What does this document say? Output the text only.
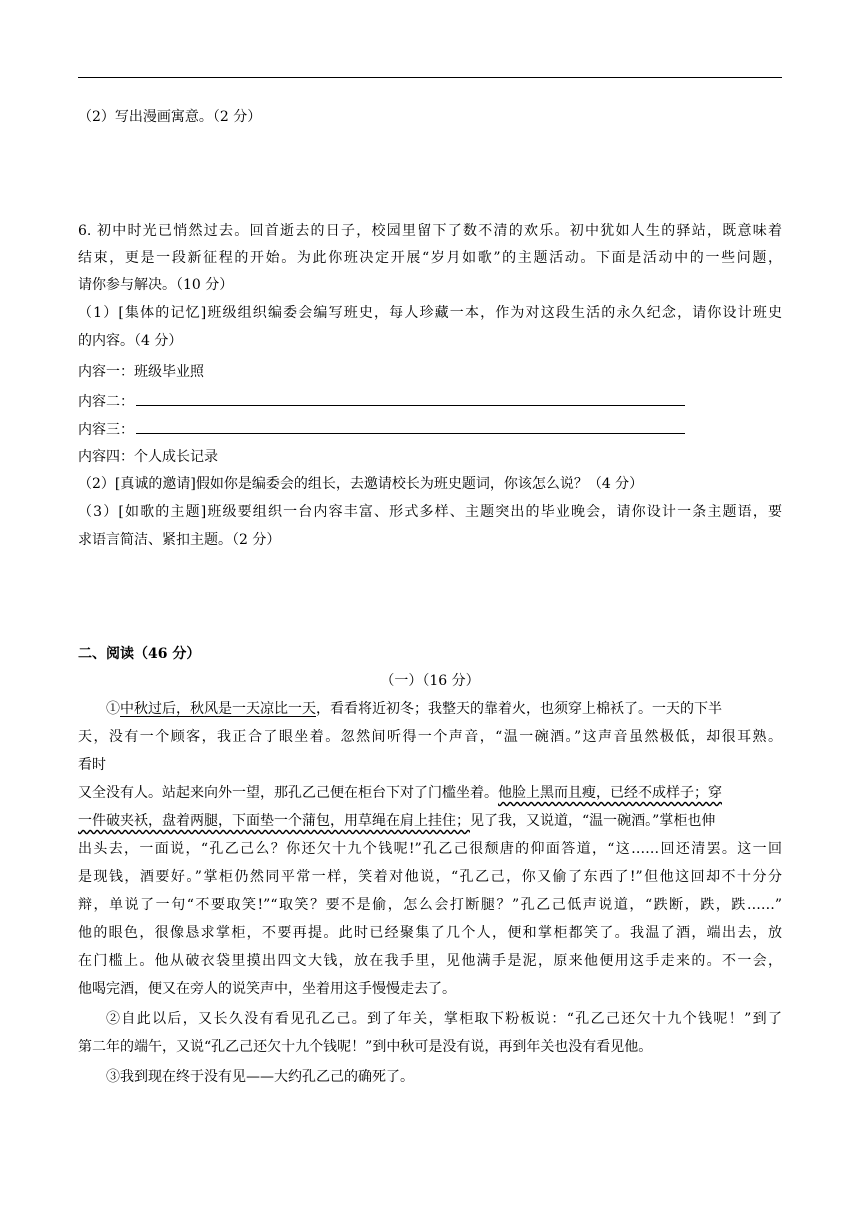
（2）写出漫画寓意。（2 分）
6. 初中时光已悄然过去。回首逝去的日子，校园里留下了数不清的欢乐。初中犹如人生的驿站，既意味着
结束，更是一段新征程的开始。为此你班决定开展“岁月如歌”的主题活动。下面是活动中的一些问题，
请你参与解决。（10 分）
（1）[集体的记忆]班级组织编委会编写班史，每人珍藏一本，作为对这段生活的永久纪念，请你设计班史
的内容。（4 分）
内容一：班级毕业照
内容二：
内容三：
内容四：个人成长记录
（2）[真诚的邀请]假如你是编委会的组长，去邀请校长为班史题词，你该怎么说？（4 分）
（3）[如歌的主题]班级要组织一台内容丰富、形式多样、主题突出的毕业晚会，请你设计一条主题语，要
求语言简洁、紧扣主题。（2 分）
二、阅读（46 分）
（一）（16 分）
①中秋过后，秋风是一天凉比一天，看看将近初冬；我整天的靠着火，也须穿上棉袄了。一天的下半
天，没有一个顾客，我正合了眼坐着。忽然间听得一个声音，“温一碗酒。”这声音虽然极低，却很耳熟。
看时
又全没有人。站起来向外一望，那孔乙己便在柜台下对了门槛坐着。他脸上黑而且瘦，已经不成样子；穿
一件破夹袄，盘着两腿，下面垫一个蒲包，用草绳在肩上挂住；见了我，又说道，“温一碗酒。”掌柜也伸
出头去，一面说，“孔乙己么？你还欠十九个钱呢!”孔乙己很颓唐的仰面答道，“这……回还清罢。这一回
是现钱，酒要好。”掌柜仍然同平常一样，笑着对他说，“孔乙己，你又偷了东西了!”但他这回却不十分分
辩，单说了一句“不要取笑!”“取笑？要不是偷，怎么会打断腿？”孔乙己低声说道，“跌断，跌，跌……”
他的眼色，很像恳求掌柜，不要再提。此时已经聚集了几个人，便和掌柜都笑了。我温了酒，端出去，放
在门槛上。他从破衣袋里摸出四文大钱，放在我手里，见他满手是泥，原来他便用这手走来的。不一会，
他喝完酒，便又在旁人的说笑声中，坐着用这手慢慢走去了。
②自此以后，又长久没有看见孔乙己。到了年关，掌柜取下粉板说：“孔乙己还欠十九个钱呢！”到了
第二年的端午，又说“孔乙己还欠十九个钱呢！”到中秋可是没有说，再到年关也没有看见他。
③我到现在终于没有见——大约孔乙己的确死了。
